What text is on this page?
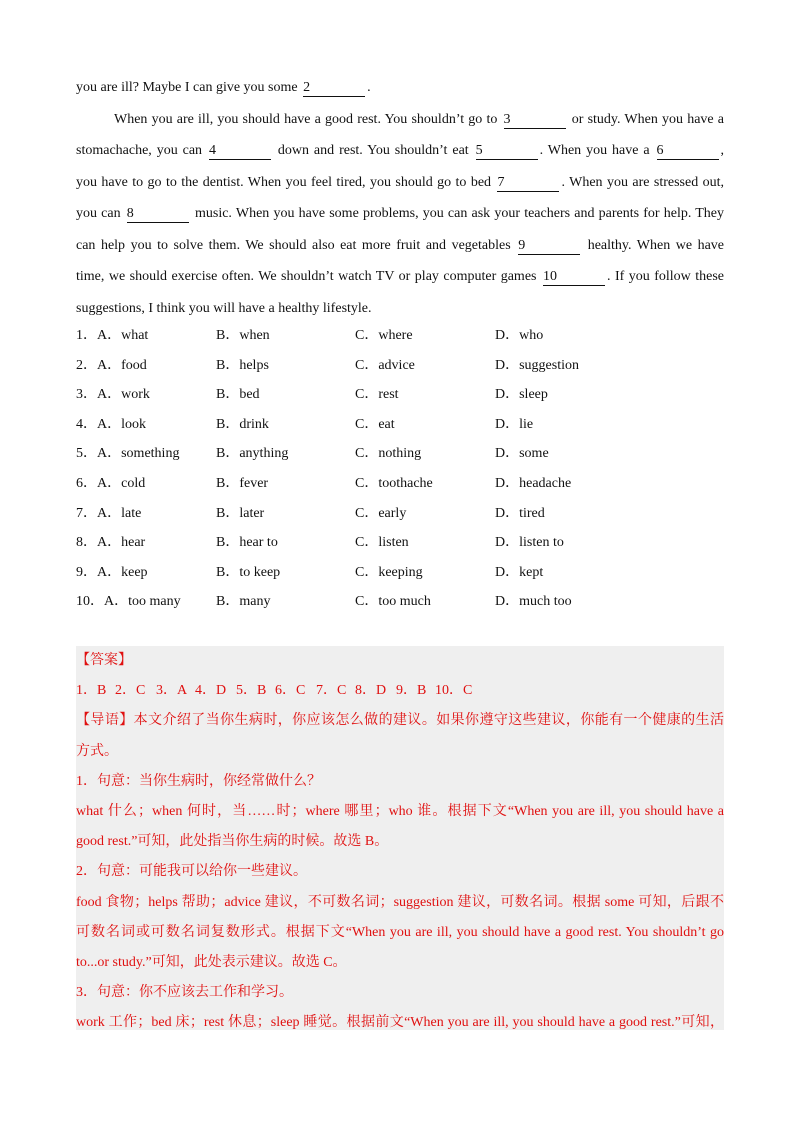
you are ill? Maybe I can give you some 2	.

When you are ill, you should have a good rest. You shouldn’t go to 3	or study. When you have a

stomachache, you can 4	down and rest. You shouldn’t eat 5	. When you have a 6	,

you have to go to the dentist. When you feel tired, you should go to bed 7	. When you are stressed out,

you can 8	music. When you have some problems, you can ask your teachers and parents for help. They

can help you to solve them. We should also eat more fruit and vegetables 9	healthy. When we have

time, we should exercise often. We shouldn’t watch TV or play computer games 10	. If you follow these

suggestions, I think you will have a healthy lifestyle.

1．A．what	B．when	C．where	D．who
2．A．food	B．helps	C．advice	D．suggestion
3．A．work	B．bed	C．rest	D．sleep
4．A．look	B．drink	C．eat	D．lie
5．A．something	B．anything	C．nothing	D．some
6．A．cold	B．fever	C．toothache	D．headache
7．A．late	B．later	C．early	D．tired
8．A．hear	B．hear to	C．listen	D．listen to
9．A．keep	B．to keep	C．keeping	D．kept
10．A．too many	B．many	C．too much	D．much too

【答案】

1．B 2．C 3．A 4．D 5．B 6．C 7．C 8．D 9．B 10．C

【导语】本文介绍了当你生病时，你应该怎么做的建议。如果你遵守这些建议，你能有一个健康的生活

方式。

1．句意：当你生病时，你经常做什么？

what 什么；when 何时，当……时；where 哪里；who 谁。根据下文“When you are ill, you should have a

good rest.”可知，此处指当你生病的时候。故选 B。

2．句意：可能我可以给你一些建议。

food 食物；helps 帮助；advice 建议，不可数名词；suggestion 建议，可数名词。根据 some 可知，后跟不

可数名词或可数名词复数形式。根据下文“When you are ill, you should have a good rest. You shouldn’t go

to...or study.”可知，此处表示建议。故选 C。

3．句意：你不应该去工作和学习。

work 工作；bed 床；rest 休息；sleep 睡觉。根据前文“When you are ill, you should have a good rest.”可知，
